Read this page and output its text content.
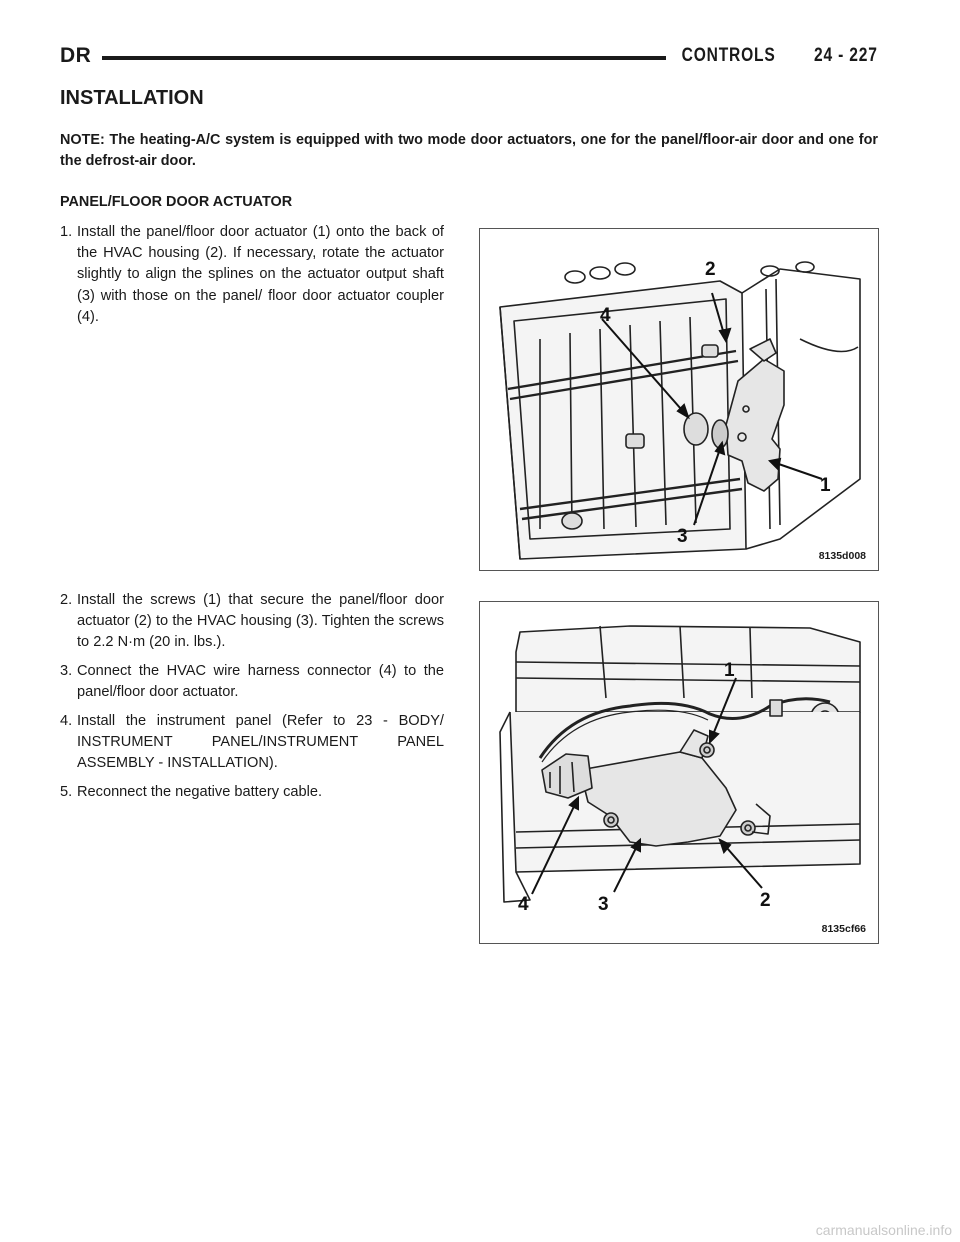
DR	CONTROLS 24 - 227
INSTALLATION

NOTE: The heating-A/C system is equipped with two mode door actuators, one for the panel/floor-air door and one for the defrost-air door.

PANEL/FLOOR DOOR ACTUATOR

1. Install the panel/floor door actuator (1) onto the back of the HVAC housing (2). If necessary, rotate the actuator slightly to align the splines on the actuator output shaft (3) with those on the panel/ floor door actuator coupler (4).

2. Install the screws (1) that secure the panel/floor door actuator (2) to the HVAC housing (3). Tighten the screws to 2.2 N·m (20 in. lbs.).

3. Connect the HVAC wire harness connector (4) to the panel/floor door actuator.

4. Install the instrument panel (Refer to 23 - BODY/ INSTRUMENT PANEL/INSTRUMENT PANEL ASSEMBLY - INSTALLATION).

5. Reconnect the negative battery cable.

2
4
1
3
8135d008
1
2
3
4
8135cf66
carmanualsonline.info
